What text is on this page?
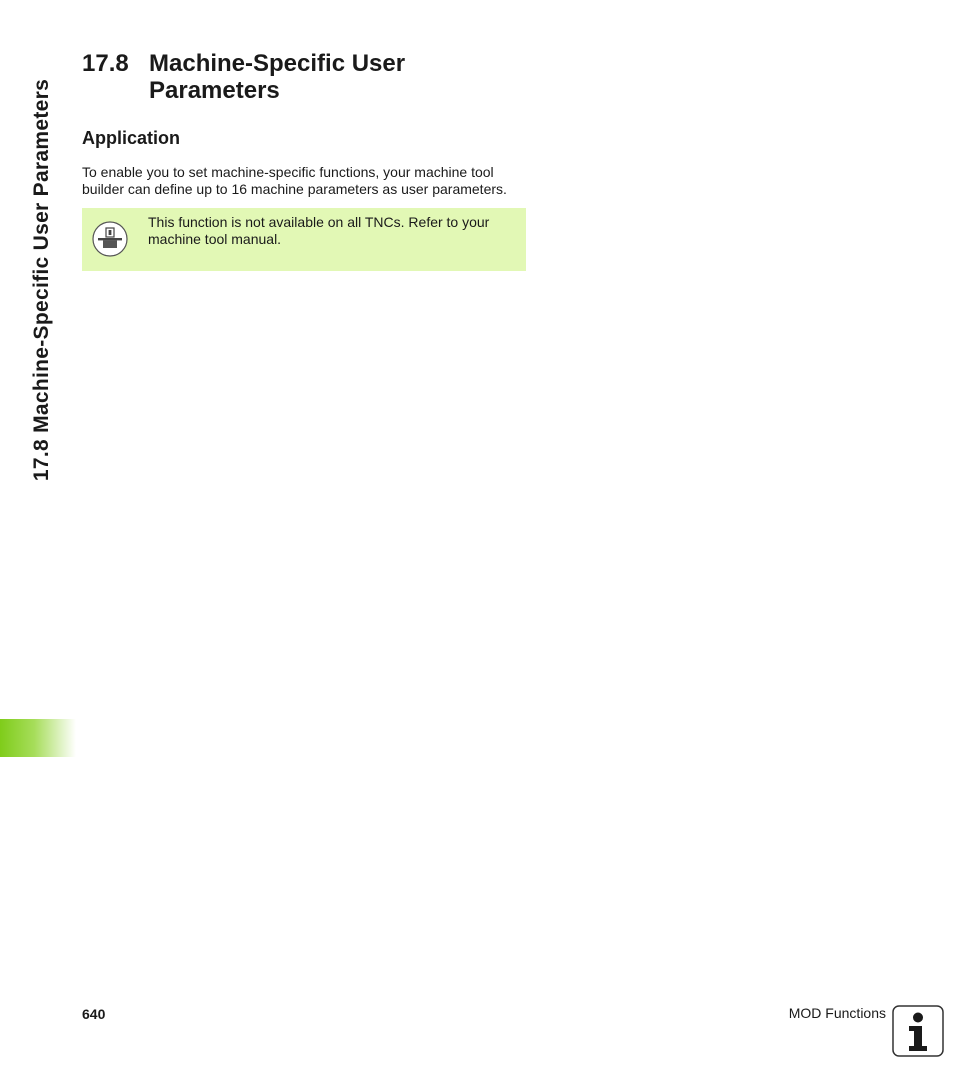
17.8 Machine-Specific User Parameters
17.8 Machine-Specific User Parameters
Application
To enable you to set machine-specific functions, your machine tool builder can define up to 16 machine parameters as user parameters.
This function is not available on all TNCs. Refer to your machine tool manual.
640	MOD Functions
